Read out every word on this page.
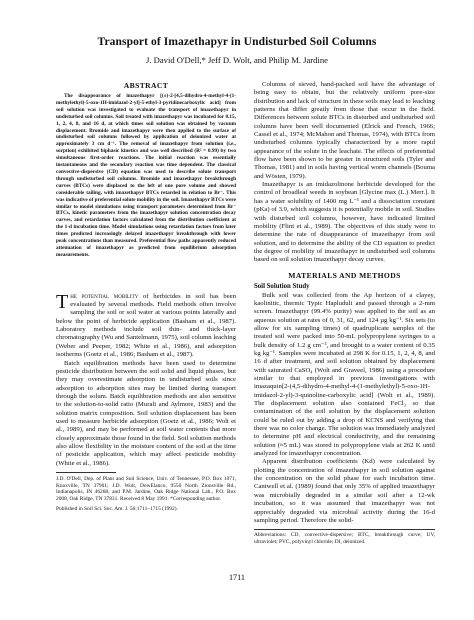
Transport of Imazethapyr in Undisturbed Soil Columns
J. David O'Dell,* Jeff D. Wolt, and Philip M. Jardine
ABSTRACT

The disappearance of imazethapyr [(±)-2-[4,5-dihydro-4-methyl-4-(1-methylethyl)-5-oxo-1H-imidazol-2-yl]-5-ethyl-3-pyridinecarboxylic acid] from soil solution was investigated to evaluate the transport of imazethapyr in undisturbed soil columns. Soil treated with imazethapyr was incubated for 0.15, 1, 2, 4, 8, and 16 d, at which times soil solution was obtained by vacuum displacement. Bromide and imazethapyr were then applied to the surface of undisturbed soil columns followed by application of deionized water at approximately 3 cm d⁻¹. The removal of imazethapyr from solution (i.e., sorption) exhibited biphasic kinetics and was well described (R² = 0.99) by two simultaneous first-order reactions. The initial reaction was essentially instantaneous and the secondary reaction was time dependent. The classical convective-dispersive (CD) equation was used to describe solute transport through undisturbed soil columns. Bromide and imazethapyr breakthrough curves (BTCs) were displaced to the left of one pore volume and showed considerable tailing, with imazethapyr BTCs retarded in relation to Br⁻. This was indicative of preferential solute mobility in the soil. Imazethapyr BTCs were similar to model simulations using transport parameters determined from Br⁻ BTCs, kinetic parameters from the imazethapyr solution concentration decay curves, and retardation factors calculated from the distribution coefficient at the 1-d incubation time. Model simulations using retardation factors from later times predicted increasingly delayed imazethapyr breakthrough with lower peak concentrations than measured. Preferential flow paths apparently reduced attenuation of imazethapyr as predicted from equilibrium adsorption measurements.

The potential mobility of herbicides in soil has been evaluated by several methods. Field methods often involve sampling the soil or soil water at various points laterally and below the point of herbicide application (Basham et al., 1987). Laboratory methods include soil thin- and thick-layer chromatography (Wu and Santelmann, 1975), soil column leaching (Weber and Peeper, 1982; White et al., 1986), and adsorption isotherms (Goetz et al., 1986; Basham et al., 1987).

Batch equilibration methods have been used to determine pesticide distribution between the soil solid and liquid phases, but they may overestimate adsorption in undisturbed soils since adsorption to adsorption sites may be limited during transport through the solum. Batch equilibration methods are also sensitive to the solution-to-solid ratio (Murali and Aylmore, 1983) and the solution matrix composition. Soil solution displacement has been used to measure herbicide adsorption (Goetz et al., 1986; Wolt et al., 1989), and may be performed at soil water contents that more closely approximate those found in the field. Soil solution methods also allow flexibility in the moisture content of the soil at the time of pesticide application, which may affect pesticide mobility (White et al., 1986).

J.D. O'Dell, Dep. of Plant and Soil Science, Univ. of Tennessee, P.O. Box 1071, Knoxville, TN 37901; J.D. Wolt, DowElanco, 9550 North Zionsville Rd., Indianapolis, IN 46268; and P.M. Jardine, Oak Ridge National Lab., P.O. Box 2008, Oak Ridge, TN 37831. Received 8 May 1991. *Corresponding author.

Published in Soil Sci. Soc. Am. J. 56:1711–1715 (1992).

Columns of sieved, hand-packed soil have the advantage of being easy to obtain, but the relatively uniform pore-size distribution and lack of structure in these soils may lead to leaching patterns that differ greatly from those that occur in the field. Differences between solute BTCs in disturbed and undisturbed soil columns have been well documented (Elrick and French, 1966; Cassel et al., 1974; McMahon and Thomas, 1974), with BTCs from undisturbed columns typically characterized by a more rapid appearance of the solute in the leachate. The effects of preferential flow have been shown to be greater in structured soils (Tyler and Thomas, 1981) and in soils having vertical worm channels (Bouma and Wösten, 1979).

Imazethapyr is an imidazolinone herbicide developed for the control of broadleaf weeds in soybean [Glycine max (L.) Merr.]. It has a water solubility of 1400 mg L⁻¹ and a dissociation constant (pKa) of 3.9, which suggests it is potentially mobile in soil. Studies with disturbed soil columns, however, have indicated limited mobility (Flint et al., 1989). The objectives of this study were to determine the rate of disappearance of imazethapyr from soil solution, and to determine the ability of the CD equation to predict the degree of mobility of imazethapyr in undisturbed soil columns based on soil solution imazethapyr decay curves.

MATERIALS AND METHODS
Soil Solution Study

Bulk soil was collected from the Ap horizon of a clayey, kaolinitic, thermic Typic Hapludult and passed through a 2-mm screen. Imazethapyr (99.4% purity) was applied to the soil as an aqueous solution at rates of 0, 31, 62, and 124 µg kg⁻¹. Six sets (to allow for six sampling times) of quadruplicate samples of the treated soil were packed into 50-mL polypropylene syringes to a bulk density of 1.2 g cm⁻³, and brought to a water content of 0.35 kg kg⁻¹. Samples were incubated at 298 K for 0.15, 1, 2, 4, 8, and 16 d after treatment, and soil solution obtained by displacement with saturated CaSO₄ (Wolt and Graveel, 1986) using a procedure similar to that employed in previous investigations with imazaquin[2-(4,5-dihydro-4-methyl-4-(1-methylethyl)-5-oxo-1H-imidazol-2-yl)-3-quinoline-carboxylic acid] (Wolt et al., 1989). The displacement solution also contained FeCl₃ so that contamination of the soil solution by the displacement solution could be ruled out by adding a drop of KCNS and verifying that there was no color change. The solution was immediately analyzed to determine pH and electrical conductivity, and the remaining solution (≈5 mL) was stored in polypropylene vials at 262 K until analyzed for imazethapyr concentration.

Apparent distribution coefficients (Kd) were calculated by plotting the concentration of imazethapyr in soil solution against the concentration on the solid phase for each incubation time. Cantwell et al. (1989) found that only 35% of applied imazethapyr was microbially degraded in a similar soil after a 12-wk incubation, so it was assumed that imazethapyr was not appreciably degraded via microbial activity during the 16-d sampling period. Therefore the solid-

Abbreviations: CD, convective-dispersive; BTC, breakthrough curve; UV, ultraviolet; PVC, polyvinyl chloride; DI, deionized.

1711
